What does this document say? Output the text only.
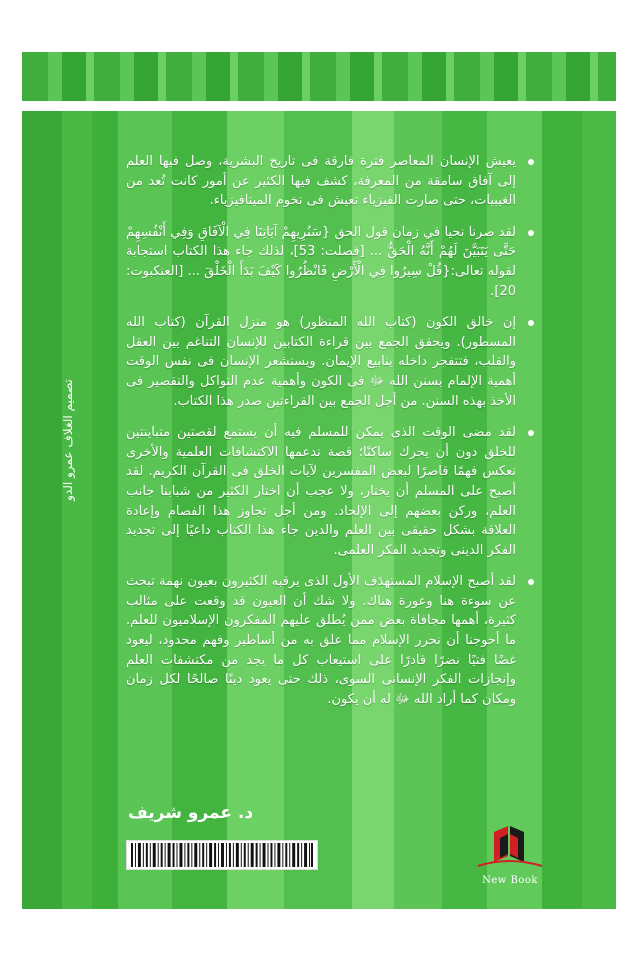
يعيش الإنسان المعاصر فترة فارقة فى تاريخ البشرية، وصل فيها العلم إلى آفاق سامقة من المعرفة، كشف فيها الكثير عن أمور كانت تُعد من الغيبيات، حتى صارت الفيزياء تعيش فى تخوم الميتافيزياء.

لقد صرنا نحيا في زمان قول الحق {سَنُرِيهِمْ آيَاتِنَا فِي الْآفَاقِ وَفِي أَنْفُسِهِمْ حَتَّى يَتَبَيَّنَ لَهُمْ أَنَّهُ الْحَقُّ ... [فصلت: 53]، لذلك جاء هذا الكتاب استجابة لقوله تعالى:{قُلْ سِيرُوا فِي الْأَرْضِ فَانْظُرُوا كَيْفَ بَدَأَ الْخَلْقَ ... [العنكبوت: 20].

إن خالق الكون (كتاب الله المنظور) هو منزل القرآن (كتاب الله المسطور). ويحقق الجمع بين قراءة الكتابين للإنسان التناغم بين العقل والقلب، فتتفجر داخله ينابيع الإيمان. ويستشعر الإنسان فى نفس الوقت أهمية الإلمام بسنن الله ﷻ فى الكون وأهمية عدم التواكل والتقصير فى الأخذ بهذه السنن. من أجل الجمع بين القراءتين صدر هذا الكتاب.

لقد مضى الوقت الذى يمكن للمسلم فيه أن يستمع لقصتين متباينتين للخلق دون أن يحرك ساكنًا؛ قصة تدعمها الاكتشافات العلمية والأخرى تعكس فهمًا قاصرًا لبعض المفسرين لآيات الخلق فى القرآن الكريم. لقد أصبح على المسلم أن يختار، ولا عجب أن اختار الكثير من شبابنا جانب العلم، وركن بعضهم إلى الإلحاد. ومن أجل تجاوز هذا الفصام وإعادة العلاقة بشكل حقيقى بين العلم والدين جاء هذا الكتاب داعيًا إلى تجديد الفكر الدينى وتجديد الفكر العلمى.

لقد أصبح الإسلام المستهدَف الأول الذى يرقبه الكثيرون بعيون نهمة تبحث عن سوءة هنا وعورة هناك. ولا شك أن العيون قد وقعت على مثالب كثيرة، أهمها مجافاة بعض ممن يُطلق عليهم المفكرون الإسلاميون للعلم. ما أحوجنا أن نحرر الإسلام مما علق به من أساطير وفهم محدود، ليعود غضًا فتيًا نضرًا قادرًا على استيعاب كل ما يجد من مكتشفات العلم وإنجازات الفكر الإنسانى السوى، ذلك حتى يعود دينًا صالحًا لكل زمان ومكان كما أراد الله ﷻ له أن يكون.

د. عمرو شريف
تصميم الغلاف عمرو الدو
New Book
